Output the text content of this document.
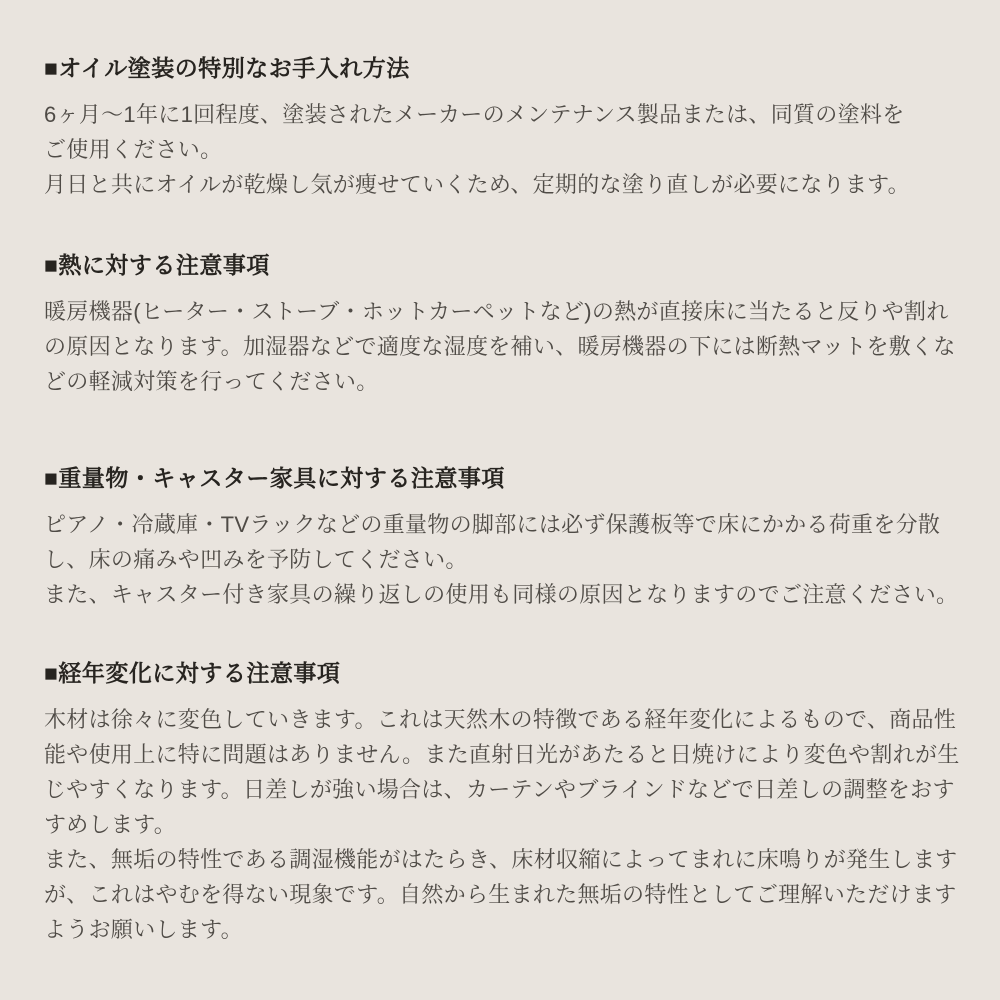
■オイル塗装の特別なお手入れ方法

6ヶ月〜1年に1回程度、塗装されたメーカーのメンテナンス製品または、同質の塗料を

ご使用ください。

月日と共にオイルが乾燥し気が痩せていくため、定期的な塗り直しが必要になります。

■熱に対する注意事項

暖房機器(ヒーター・ストーブ・ホットカーペットなど)の熱が直接床に当たると反りや割れ

の原因となります。加湿器などで適度な湿度を補い、暖房機器の下には断熱マットを敷くな

どの軽減対策を行ってください。

■重量物・キャスター家具に対する注意事項

ピアノ・冷蔵庫・TVラックなどの重量物の脚部には必ず保護板等で床にかかる荷重を分散

し、床の痛みや凹みを予防してください。

また、キャスター付き家具の繰り返しの使用も同様の原因となりますのでご注意ください。

■経年変化に対する注意事項

木材は徐々に変色していきます。これは天然木の特徴である経年変化によるもので、商品性

能や使用上に特に問題はありません。また直射日光があたると日焼けにより変色や割れが生

じやすくなります。日差しが強い場合は、カーテンやブラインドなどで日差しの調整をおす

すめします。

また、無垢の特性である調湿機能がはたらき、床材収縮によってまれに床鳴りが発生します

が、これはやむを得ない現象です。自然から生まれた無垢の特性としてご理解いただけます

ようお願いします。
